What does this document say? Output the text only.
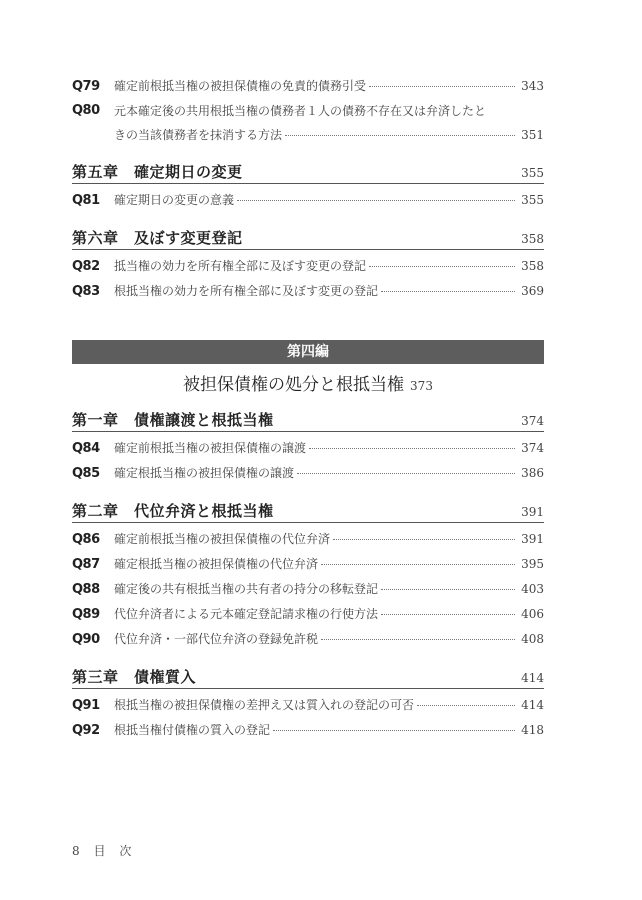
Q79	確定前根抵当権の被担保債権の免責的債務引受	343
Q80	元本確定後の共用根抵当権の債務者１人の債務不存在又は弁済したと
きの当該債務者を抹消する方法	351
第五章　確定期日の変更	355
Q81	確定期日の変更の意義	355
第六章　及ぼす変更登記	358
Q82	抵当権の効力を所有権全部に及ぼす変更の登記	358
Q83	根抵当権の効力を所有権全部に及ぼす変更の登記	369
第四編
被担保債権の処分と根抵当権 373
第一章　債権譲渡と根抵当権	374
Q84	確定前根抵当権の被担保債権の譲渡	374
Q85	確定根抵当権の被担保債権の譲渡	386
第二章　代位弁済と根抵当権	391
Q86	確定前根抵当権の被担保債権の代位弁済	391
Q87	確定根抵当権の被担保債権の代位弁済	395
Q88	確定後の共有根抵当権の共有者の持分の移転登記	403
Q89	代位弁済者による元本確定登記請求権の行使方法	406
Q90	代位弁済・一部代位弁済の登録免許税	408
第三章　債権質入	414
Q91	根抵当権の被担保債権の差押え又は質入れの登記の可否	414
Q92	根抵当権付債権の質入の登記	418
8 目 次
